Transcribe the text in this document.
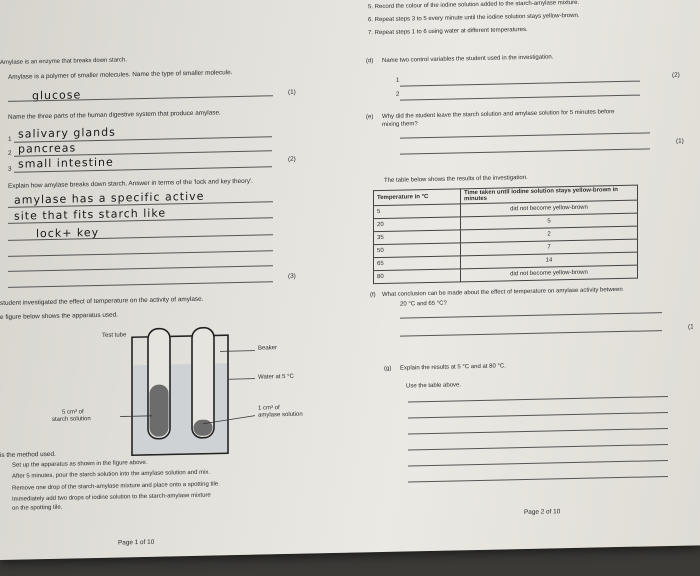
Amylase is an enzyme that breaks down starch.
Amylase is a polymer of smaller molecules. Name the type of smaller molecule.
glucose	(1)
Name the three parts of the human digestive system that produce amylase.
1 salivary glands
2 pancreas
3 small intestine	(2)
Explain how amylase breaks down starch. Answer in terms of the 'lock and key theory'.
amylase has a specific active
site that fits starch like
lock+ key
(3)
student investigated the effect of temperature on the activity of amylase.
e figure below shows the apparatus used.
Test tube
Beaker
Water at 5 °C
5 cm³ of
starch solution
1 cm³ of
amylase solution
is the method used.
Set up the apparatus as shown in the figure above.
After 5 minutes, pour the starch solution into the amylase solution and mix.
Remove one drop of the starch-amylase mixture and place onto a spotting tile.
Immediately add two drops of iodine solution to the starch-amylase mixture
on the spotting tile.
Page 1 of 10
5. Record the colour of the iodine solution added to the starch-amylase mixture.
6. Repeat steps 3 to 5 every minute until the iodine solution stays yellow-brown.
7. Repeat steps 1 to 6 using water at different temperatures.
(d) Name two control variables the student used in the investigation.
1
(2)
2
(e) Why did the student leave the starch solution and amylase solution for 5 minutes before
mixing them?
(1)
The table below shows the results of the investigation.
Temperature in °C	Time taken until iodine solution stays yellow-brown in minutes
5	did not become yellow-brown
20	5
35	2
50	7
65	14
80	did not become yellow-brown
(f) What conclusion can be made about the effect of temperature on amylase activity between
20 °C and 65 °C?
(1
(g) Explain the results at 5 °C and at 80 °C.
Use the table above.
Page 2 of 10
